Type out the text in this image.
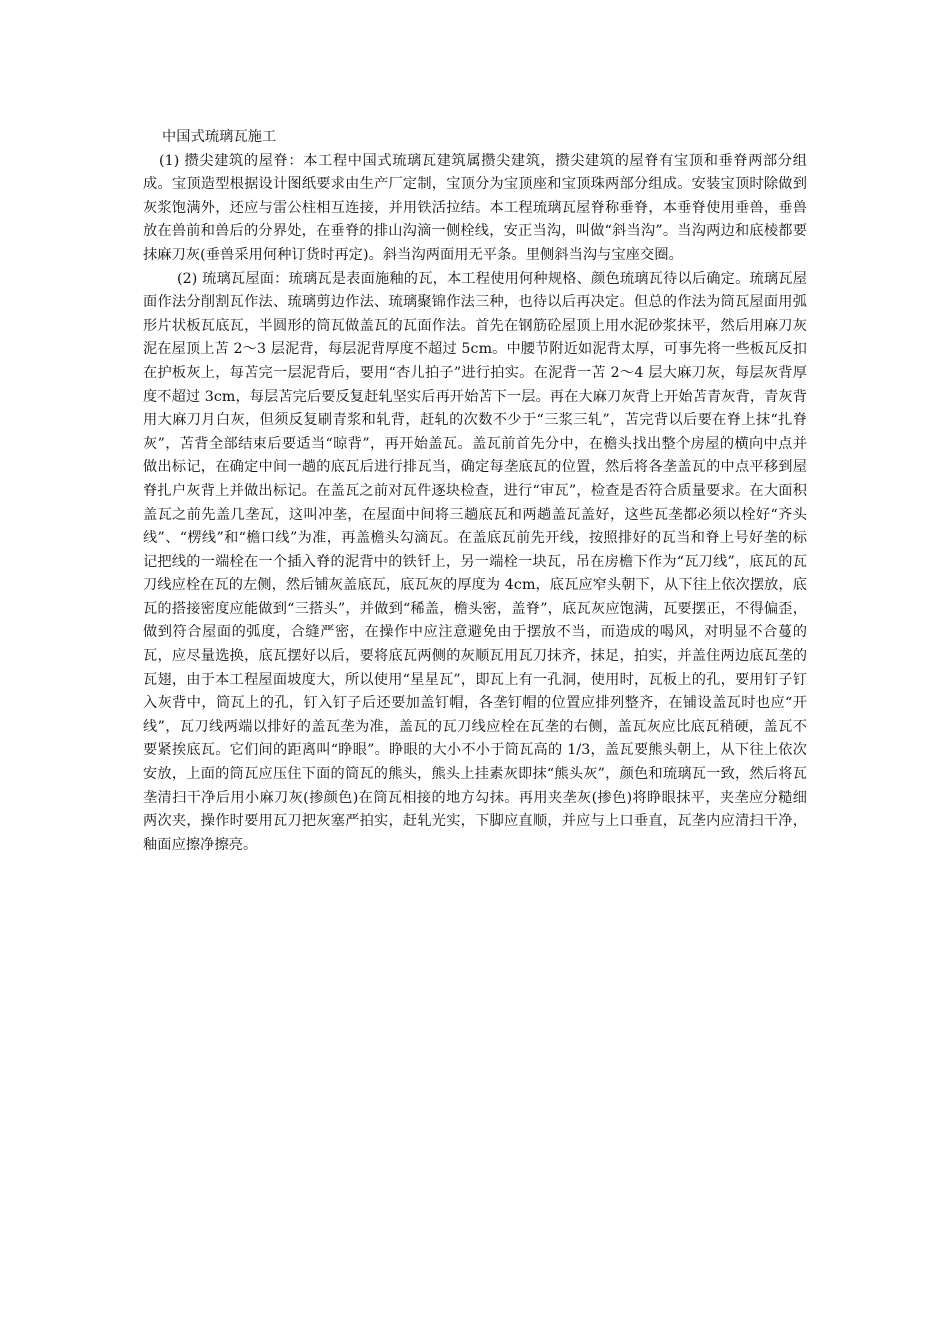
中国式琉璃瓦施工

(1) 攒尖建筑的屋脊：本工程中国式琉璃瓦建筑属攒尖建筑，攒尖建筑的屋脊有宝顶和垂脊两部分组成。宝顶造型根据设计图纸要求由生产厂定制，宝顶分为宝顶座和宝顶珠两部分组成。安装宝顶时除做到灰浆饱满外，还应与雷公柱相互连接，并用铁活拉结。本工程琉璃瓦屋脊称垂脊，本垂脊使用垂兽，垂兽放在兽前和兽后的分界处，在垂脊的排山沟滴一侧栓线，安正当沟，叫做“斜当沟”。当沟两边和底棱都要抹麻刀灰(垂兽采用何种订货时再定)。斜当沟两面用无平条。里侧斜当沟与宝座交圈。

(2) 琉璃瓦屋面：琉璃瓦是表面施釉的瓦，本工程使用何种规格、颜色琉璃瓦待以后确定。琉璃瓦屋面作法分削割瓦作法、琉璃剪边作法、琉璃聚锦作法三种，也待以后再决定。但总的作法为筒瓦屋面用弧形片状板瓦底瓦，半圆形的筒瓦做盖瓦的瓦面作法。首先在钢筋砼屋顶上用水泥砂浆抹平，然后用麻刀灰泥在屋顶上苫 2～3 层泥背，每层泥背厚度不超过 5cm。中腰节附近如泥背太厚，可事先将一些板瓦反扣在护板灰上，每苫完一层泥背后，要用“杏儿拍子”进行拍实。在泥背一苫 2～4 层大麻刀灰，每层灰背厚度不超过 3cm，每层苫完后要反复赶轧坚实后再开始苫下一层。再在大麻刀灰背上开始苫青灰背，青灰背用大麻刀月白灰，但须反复刷青浆和轧背，赶轧的次数不少于“三浆三轧”，苫完背以后要在脊上抹“扎脊灰”，苫背全部结束后要适当“晾背”，再开始盖瓦。盖瓦前首先分中，在檐头找出整个房屋的横向中点并做出标记，在确定中间一趟的底瓦后进行排瓦当，确定每垄底瓦的位置，然后将各垄盖瓦的中点平移到屋脊扎户灰背上并做出标记。在盖瓦之前对瓦件逐块检查，进行“审瓦”，检查是否符合质量要求。在大面积盖瓦之前先盖几垄瓦，这叫冲垄，在屋面中间将三趟底瓦和两趟盖瓦盖好，这些瓦垄都必须以栓好“齐头线”、“楞线”和“檐口线”为准，再盖檐头勾滴瓦。在盖底瓦前先开线，按照排好的瓦当和脊上号好垄的标记把线的一端栓在一个插入脊的泥背中的铁钎上，另一端栓一块瓦，吊在房檐下作为“瓦刀线”，底瓦的瓦刀线应栓在瓦的左侧，然后铺灰盖底瓦，底瓦灰的厚度为 4cm，底瓦应窄头朝下，从下往上依次摆放，底瓦的搭接密度应能做到“三搭头”，并做到“稀盖，檐头密，盖脊”，底瓦灰应饱满，瓦要摆正，不得偏歪，做到符合屋面的弧度，合缝严密，在操作中应注意避免由于摆放不当，而造成的喝风，对明显不合蔓的瓦，应尽量选换，底瓦摆好以后，要将底瓦两侧的灰顺瓦用瓦刀抹齐，抹足，拍实，并盖住两边底瓦垄的瓦翅，由于本工程屋面坡度大，所以使用“星星瓦”，即瓦上有一孔洞，使用时，瓦板上的孔，要用钉子钉入灰背中，筒瓦上的孔，钉入钉子后还要加盖钉帽，各垄钉帽的位置应排列整齐，在铺设盖瓦时也应“开线”，瓦刀线两端以排好的盖瓦垄为准，盖瓦的瓦刀线应栓在瓦垄的右侧，盖瓦灰应比底瓦稍硬，盖瓦不要紧挨底瓦。它们间的距离叫“睁眼”。睁眼的大小不小于筒瓦高的 1/3，盖瓦要熊头朝上，从下往上依次安放，上面的筒瓦应压住下面的筒瓦的熊头，熊头上挂素灰即抹“熊头灰”，颜色和琉璃瓦一致，然后将瓦垄清扫干净后用小麻刀灰(掺颜色)在筒瓦相接的地方勾抹。再用夹垄灰(掺色)将睁眼抹平，夹垄应分糙细两次夹，操作时要用瓦刀把灰塞严拍实，赶轧光实，下脚应直顺，并应与上口垂直，瓦垄内应清扫干净，釉面应擦净擦亮。
